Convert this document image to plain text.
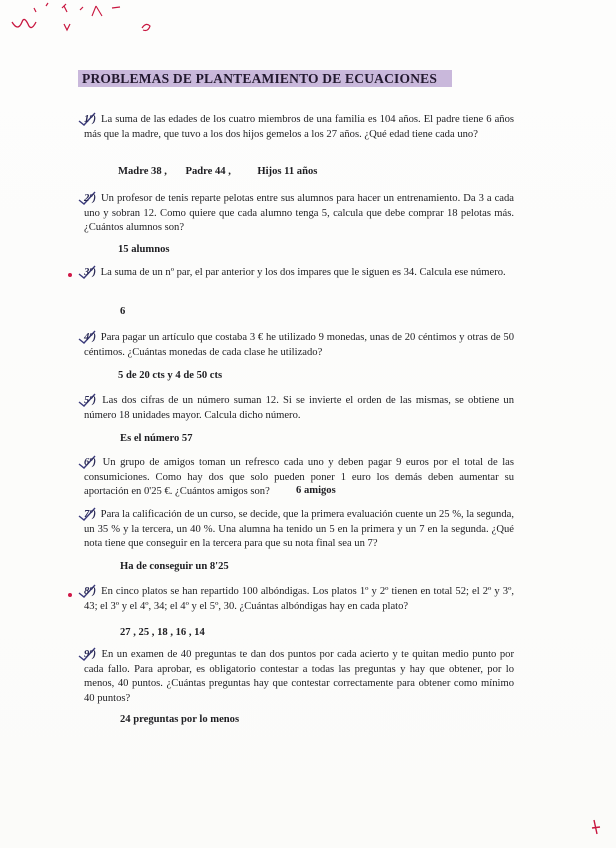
PROBLEMAS DE PLANTEAMIENTO DE ECUACIONES
1º) La suma de las edades de los cuatro miembros de una familia es 104 años. El padre tiene 6 años más que la madre, que tuvo a los dos hijos gemelos a los 27 años. ¿Qué edad tiene cada uno?
Madre 38 ,       Padre 44 ,          Hijos 11 años
2º) Un profesor de tenis reparte pelotas entre sus alumnos para hacer un entrenamiento. Da 3 a cada uno y sobran 12. Como quiere que cada alumno tenga 5, calcula que debe comprar 18 pelotas más. ¿Cuántos alumnos son?
15 alumnos
3º) La suma de un nº par, el par anterior y los dos impares que le siguen es 34. Calcula ese número.
6
4º) Para pagar un artículo que costaba 3 € he utilizado 9 monedas, unas de 20 céntimos y otras de 50 céntimos. ¿Cuántas monedas de cada clase he utilizado?
5 de 20 cts y 4 de 50 cts
5º) Las dos cifras de un número suman 12. Si se invierte el orden de las mismas, se obtiene un número 18 unidades mayor. Calcula dicho número.
Es el número 57
6º) Un grupo de amigos toman un refresco cada uno y deben pagar 9 euros por el total de las consumiciones. Como hay dos que solo pueden poner 1 euro los demás deben aumentar su aportación en 0'25 €. ¿Cuántos amigos son?	6 amigos
7º) Para la calificación de un curso, se decide, que la primera evaluación cuente un 25 %, la segunda, un 35 % y la tercera, un 40 %. Una alumna ha tenido un 5 en la primera y un 7 en la segunda. ¿Qué nota tiene que conseguir en la tercera para que su nota final sea un 7?
Ha de conseguir un 8'25
8º) En cinco platos se han repartido 100 albóndigas. Los platos 1º y 2º tienen en total 52; el 2º y 3º, 43; el 3º y el 4º, 34; el 4º y el 5º, 30. ¿Cuántas albóndigas hay en cada plato?
27 , 25 , 18 , 16 , 14
9º) En un examen de 40 preguntas te dan dos puntos por cada acierto y te quitan medio punto por cada fallo. Para aprobar, es obligatorio contestar a todas las preguntas y hay que obtener, por lo menos, 40 puntos. ¿Cuántas preguntas hay que contestar correctamente para obtener como mínimo 40 puntos?
24 preguntas por lo menos
